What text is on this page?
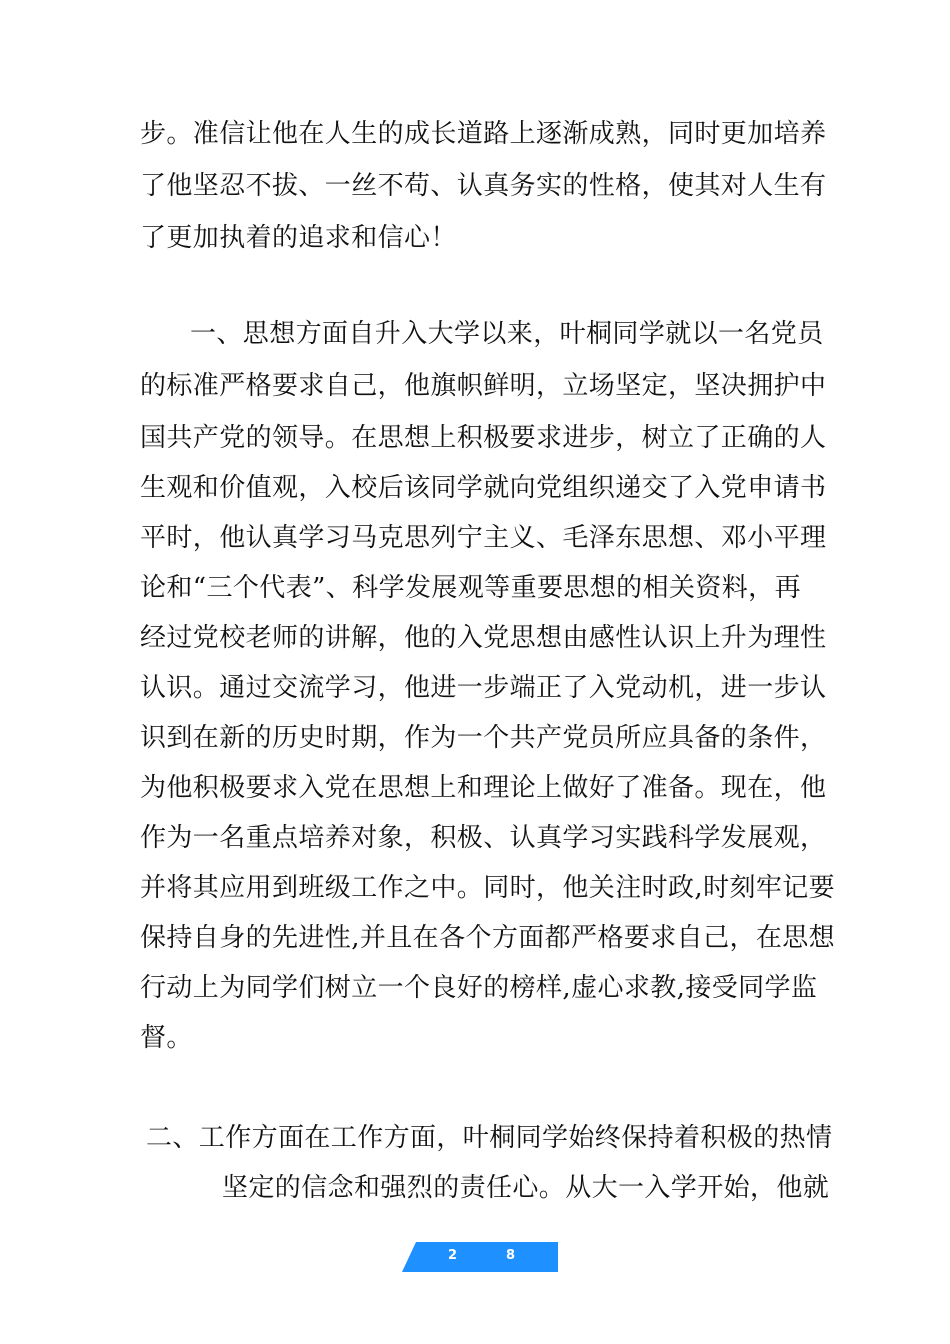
步。准信让他在人生的成长道路上逐渐成熟，同时更加培养
了他坚忍不拔、一丝不苟、认真务实的性格，使其对人生有
了更加执着的追求和信心！
一、思想方面自升入大学以来，叶桐同学就以一名党员
的标准严格要求自己，他旗帜鲜明，立场坚定，坚决拥护中
国共产党的领导。在思想上积极要求进步，树立了正确的人
生观和价值观，入校后该同学就向党组织递交了入党申请书
平时，他认真学习马克思列宁主义、毛泽东思想、邓小平理
论和“三个代表”、科学发展观等重要思想的相关资料，再
经过党校老师的讲解，他的入党思想由感性认识上升为理性
认识。通过交流学习，他进一步端正了入党动机，进一步认
识到在新的历史时期，作为一个共产党员所应具备的条件，
为他积极要求入党在思想上和理论上做好了准备。现在，他
作为一名重点培养对象，积极、认真学习实践科学发展观，
并将其应用到班级工作之中。同时，他关注时政,时刻牢记要
保持自身的先进性,并且在各个方面都严格要求自己，在思想
行动上为同学们树立一个良好的榜样,虚心求教,接受同学监
督。
二、工作方面在工作方面，叶桐同学始终保持着积极的热情
坚定的信念和强烈的责任心。从大一入学开始，他就
2	8
